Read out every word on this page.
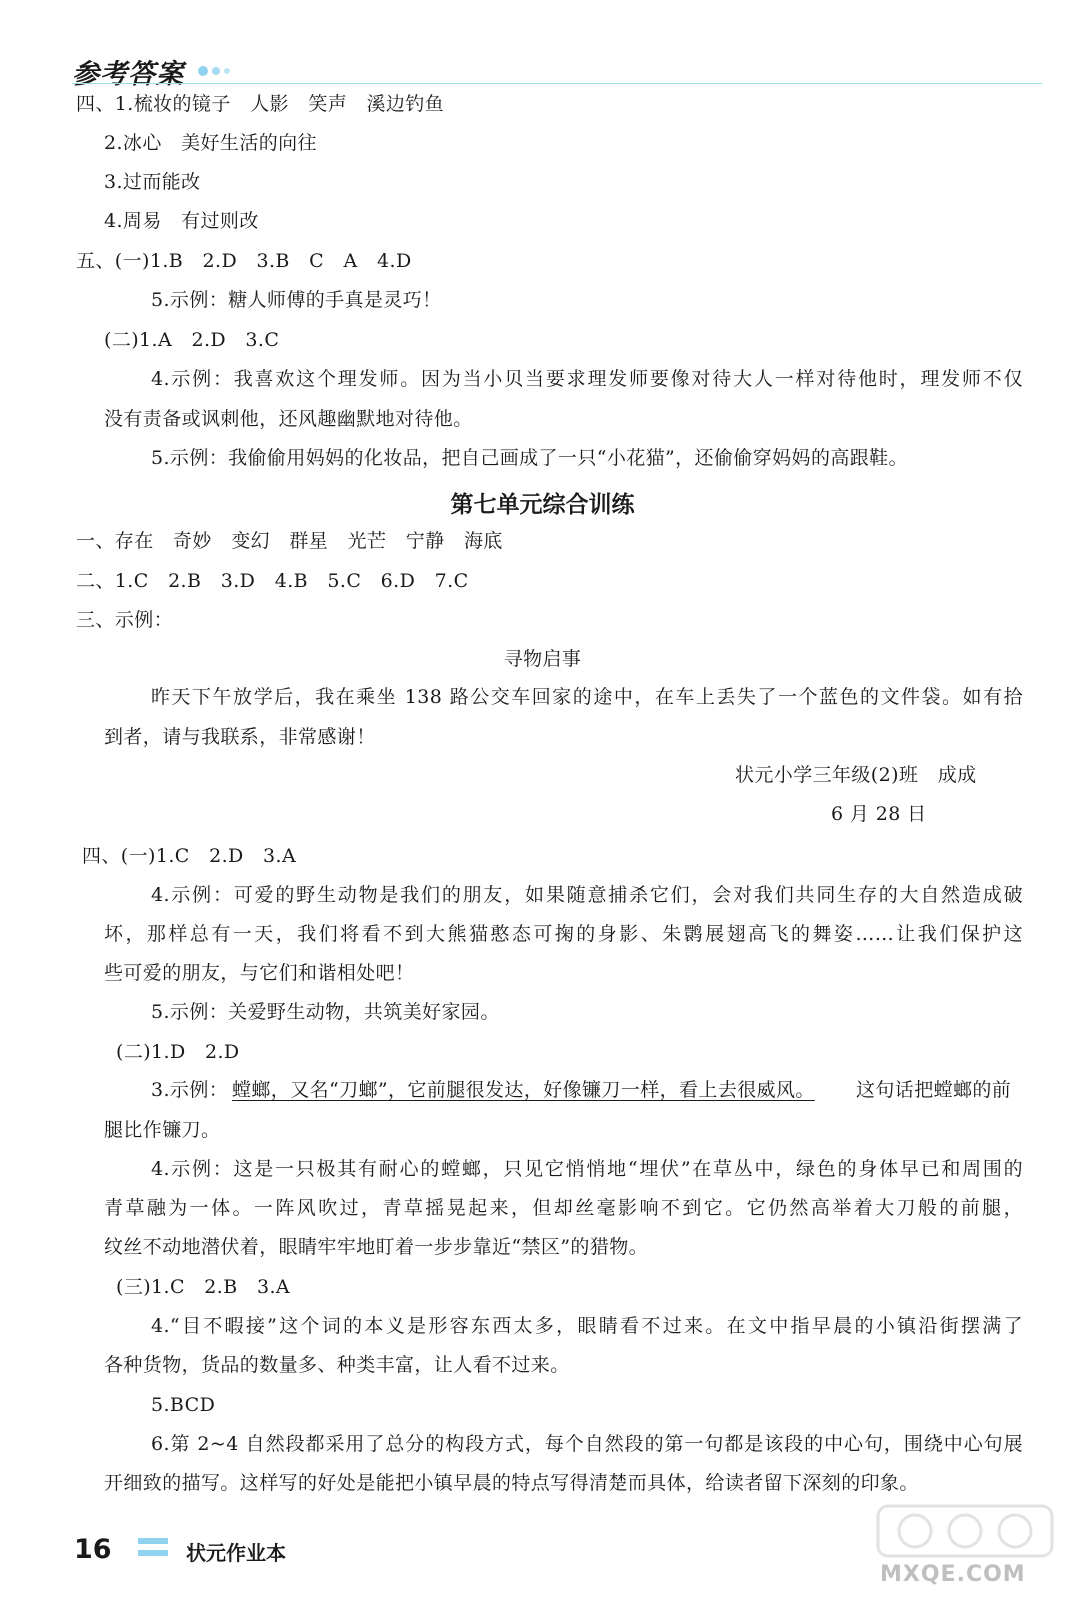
参考答案
四、1.梳妆的镜子　人影　笑声　溪边钓鱼
2.冰心　美好生活的向往
3.过而能改
4.周易　有过则改
五、(一)1.B　2.D　3.B　C　A　4.D
5.示例：糖人师傅的手真是灵巧！
(二)1.A　2.D　3.C
4.示例：我喜欢这个理发师。因为当小贝当要求理发师要像对待大人一样对待他时，理发师不仅
没有责备或讽刺他，还风趣幽默地对待他。
5.示例：我偷偷用妈妈的化妆品，把自己画成了一只“小花猫”，还偷偷穿妈妈的高跟鞋。
第七单元综合训练
一、存在　奇妙　变幻　群星　光芒　宁静　海底
二、1.C　2.B　3.D　4.B　5.C　6.D　7.C
三、示例：
寻物启事
昨天下午放学后，我在乘坐 138 路公交车回家的途中，在车上丢失了一个蓝色的文件袋。如有拾
到者，请与我联系，非常感谢！
状元小学三年级(2)班　成成
6 月 28 日
四、(一)1.C　2.D　3.A
4.示例：可爱的野生动物是我们的朋友，如果随意捕杀它们，会对我们共同生存的大自然造成破
坏，那样总有一天，我们将看不到大熊猫憨态可掬的身影、朱鹮展翅高飞的舞姿……让我们保护这
些可爱的朋友，与它们和谐相处吧！
5.示例：关爱野生动物，共筑美好家园。
(二)1.D　2.D
3.示例： 螳螂，又名“刀螂”，它前腿很发达，好像镰刀一样，看上去很威风。 这句话把螳螂的前
腿比作镰刀。
4.示例：这是一只极其有耐心的螳螂，只见它悄悄地“埋伏”在草丛中，绿色的身体早已和周围的
青草融为一体。一阵风吹过，青草摇晃起来，但却丝毫影响不到它。它仍然高举着大刀般的前腿，
纹丝不动地潜伏着，眼睛牢牢地盯着一步步靠近“禁区”的猎物。
(三)1.C　2.B　3.A
4.“目不暇接”这个词的本义是形容东西太多，眼睛看不过来。在文中指早晨的小镇沿街摆满了
各种货物，货品的数量多、种类丰富，让人看不过来。
5.BCD
6.第 2~4 自然段都采用了总分的构段方式，每个自然段的第一句都是该段的中心句，围绕中心句展
开细致的描写。这样写的好处是能把小镇早晨的特点写得清楚而具体，给读者留下深刻的印象。
16	状元作业本
MXQE.COM
